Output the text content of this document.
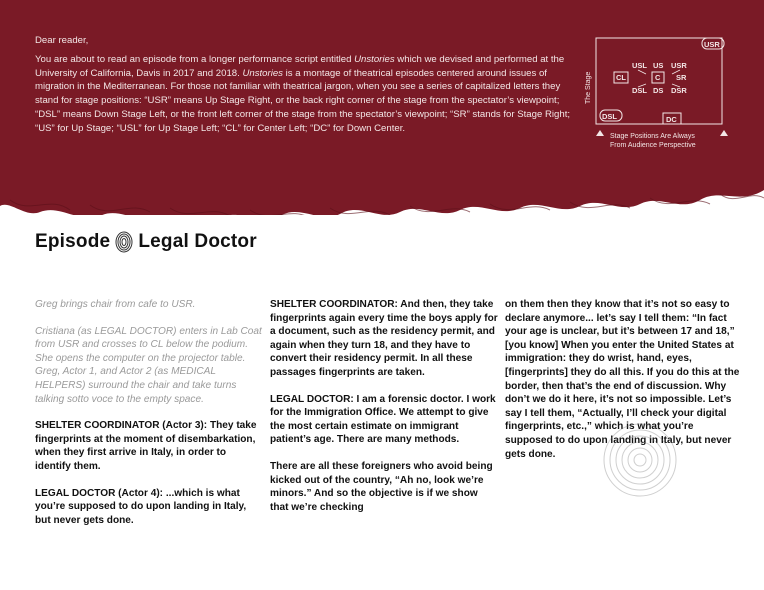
Dear reader,

You are about to read an episode from a longer performance script entitled Unstories which we devised and performed at the University of California, Davis in 2017 and 2018. Unstories is a montage of theatrical episodes centered around issues of migration in the Mediterranean. For those not familiar with theatrical jargon, when you see a series of capitalized letters they stand for stage positions: “USR” means Up Stage Right, or the back right corner of the stage from the spectator’s viewpoint; “DSL” means Down Stage Left, or the front left corner of the stage from the spectator’s viewpoint; “SR” stands for Stage Right; “US” for Up Stage; “USL” for Up Stage Left; “CL” for Center Left; “DC” for Down Center.

The Stage
USR
USL US USR
CL	C SR
DSL DS DSR
DSL	DC
Stage Positions Are Always
From Audience Perspective
Episode Legal Doctor

Greg brings chair from cafe to USR.

Cristiana (as LEGAL DOCTOR) enters in Lab Coat from USR and crosses to CL below the podium. She opens the computer on the projector table. Greg, Actor 1, and Actor 2 (as MEDICAL HELPERS) surround the chair and take turns talking sotto voce to the empty space.

SHELTER COORDINATOR (Actor 3): They take fingerprints at the moment of disembarkation, when they first arrive in Italy, in order to identify them.

LEGAL DOCTOR (Actor 4): ...which is what you’re supposed to do upon landing in Italy, but never gets done.

SHELTER COORDINATOR: And then, they take fingerprints again every time the boys apply for a document, such as the residency permit, and again when they turn 18, and they have to convert their residency permit. In all these passages fingerprints are taken.

LEGAL DOCTOR: I am a forensic doctor. I work for the Immigration Office. We attempt to give the most certain estimate on immigrant patient’s age. There are many methods.

There are all these foreigners who avoid being kicked out of the country, “Ah no, look we’re minors.” And so the objective is if we show that we’re checking

on them then they know that it’s not so easy to declare anymore... let’s say I tell them: “In fact your age is unclear, but it’s between 17 and 18,” [you know] When you enter the United States at immigration: they do wrist, hand, eyes, [fingerprints] they do all this. If you do this at the border, then that’s the end of discussion. Why don’t we do it here, it’s not so impossible. Let’s say I tell them, “Actually, I’ll check your digital fingerprints, etc.,” which is what you’re supposed to do upon landing in Italy, but never gets done.
